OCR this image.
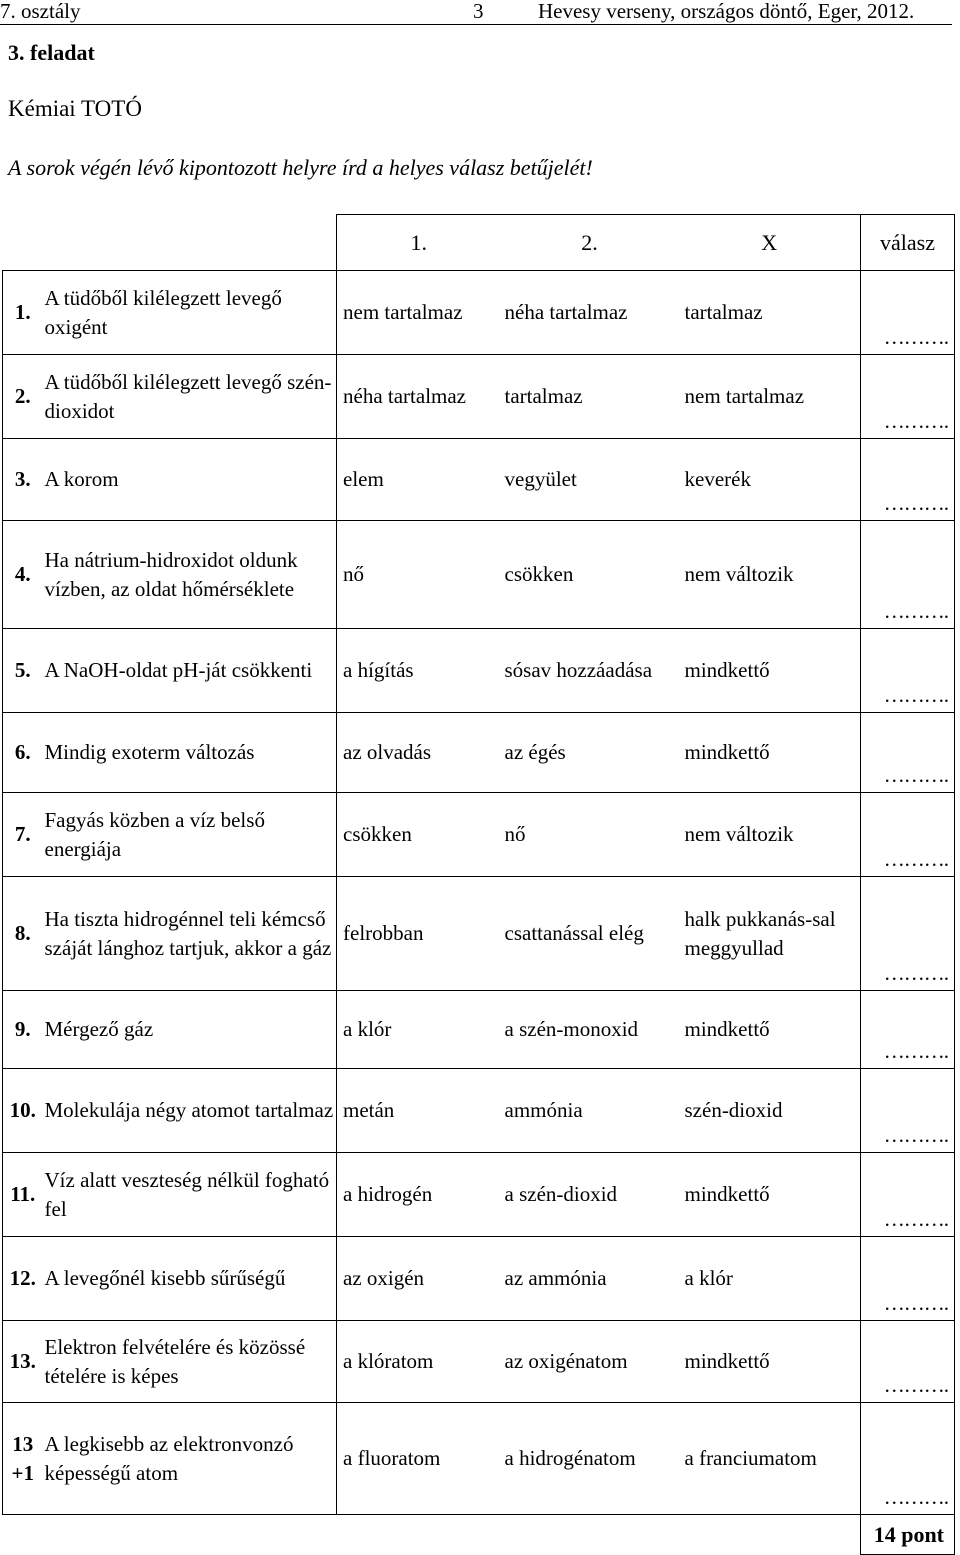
7. osztály	3	Hevesy verseny, országos döntő, Eger, 2012.
3. feladat
Kémiai TOTÓ
A sorok végén lévő kipontozott helyre írd a helyes válasz betűjelét!
		1.	2.	X	válasz
1.	A tüdőből kilélegzett levegő oxigént	nem tartalmaz	néha tartalmaz	tartalmaz	……….
2.	A tüdőből kilélegzett levegő szén-dioxidot	néha tartalmaz	tartalmaz	nem tartalmaz	……….
3.	A korom	elem	vegyület	keverék	……….
4.	Ha nátrium-hidroxidot oldunk vízben, az oldat hőmérséklete	nő	csökken	nem változik	……….
5.	A NaOH-oldat pH-ját csökkenti	a hígítás	sósav hozzáadása	mindkettő	……….
6.	Mindig exoterm változás	az olvadás	az égés	mindkettő	……….
7.	Fagyás közben a víz belső energiája	csökken	nő	nem változik	……….
8.	Ha tiszta hidrogénnel teli kémcső száját lánghoz tartjuk, akkor a gáz	felrobban	csattanással elég	halk pukkanás-sal meggyullad	……….
9.	Mérgező gáz	a klór	a szén-monoxid	mindkettő	……….
10.	Molekulája négy atomot tartalmaz	metán	ammónia	szén-dioxid	……….
11.	Víz alatt veszteség nélkül fogható fel	a hidrogén	a szén-dioxid	mindkettő	……….
12.	A levegőnél kisebb sűrűségű	az oxigén	az ammónia	a klór	……….
13.	Elektron felvételére és közössé tételére is képes	a klóratom	az oxigénatom	mindkettő	……….
13 +1	A legkisebb az elektronvonzó képességű atom	a fluoratom	a hidrogénatom	a franciumatom	……….
					14 pont
